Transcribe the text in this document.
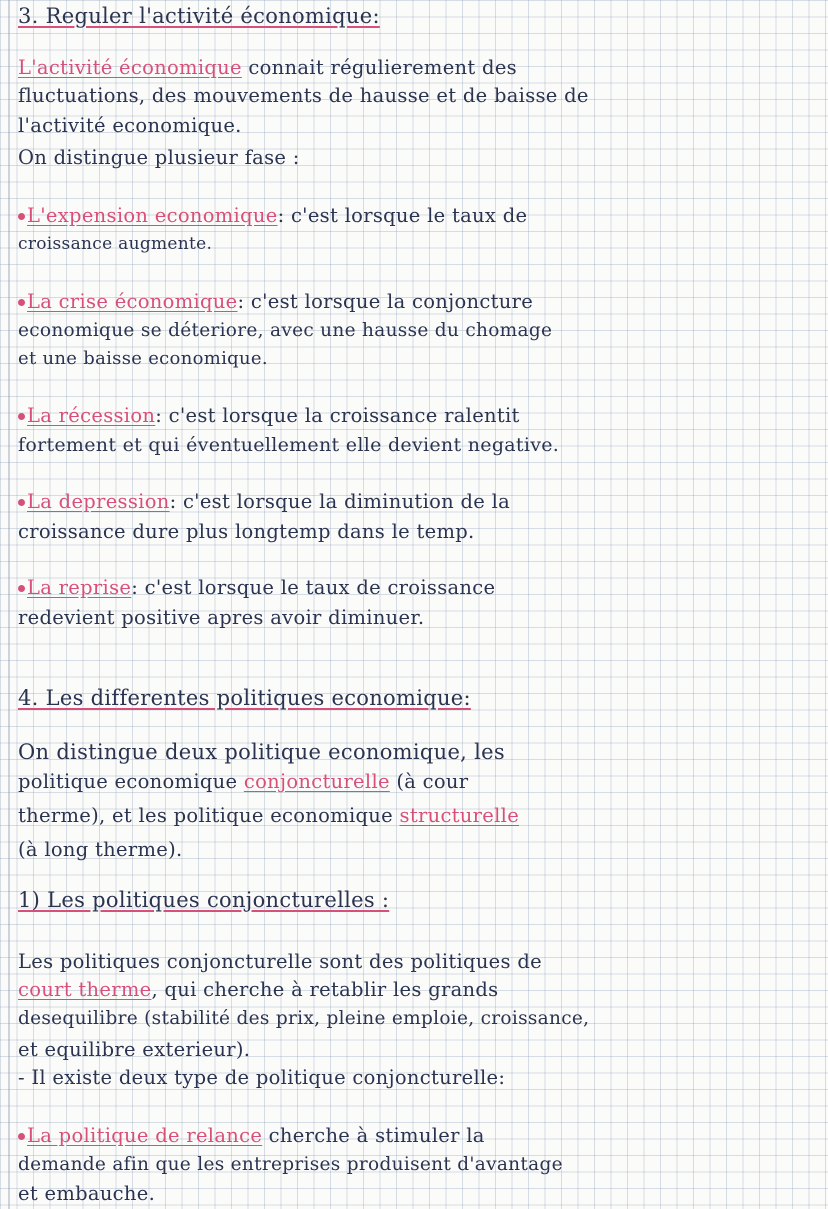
3. Reguler l'activité économique:
L'activité économique connait régulierement des
fluctuations, des mouvements de hausse et de baisse de
l'activité economique.
On distingue plusieur fase :
L'expension economique: c'est lorsque le taux de
croissance augmente.
La crise économique: c'est lorsque la conjoncture
economique se déteriore, avec une hausse du chomage
et une baisse economique.
La récession: c'est lorsque la croissance ralentit
fortement et qui éventuellement elle devient negative.
La depression: c'est lorsque la diminution de la
croissance dure plus longtemp dans le temp.
La reprise: c'est lorsque le taux de croissance
redevient positive apres avoir diminuer.
4. Les differentes politiques economique:
On distingue deux politique economique, les
politique economique conjoncturelle (à cour
therme), et les politique economique structurelle
(à long therme).
1) Les politiques conjoncturelles :
Les politiques conjoncturelle sont des politiques de
court therme, qui cherche à retablir les grands
desequilibre (stabilité des prix, pleine emploie, croissance,
et equilibre exterieur).
- Il existe deux type de politique conjoncturelle:
La politique de relance cherche à stimuler la
demande afin que les entreprises produisent d'avantage
et embauche.
